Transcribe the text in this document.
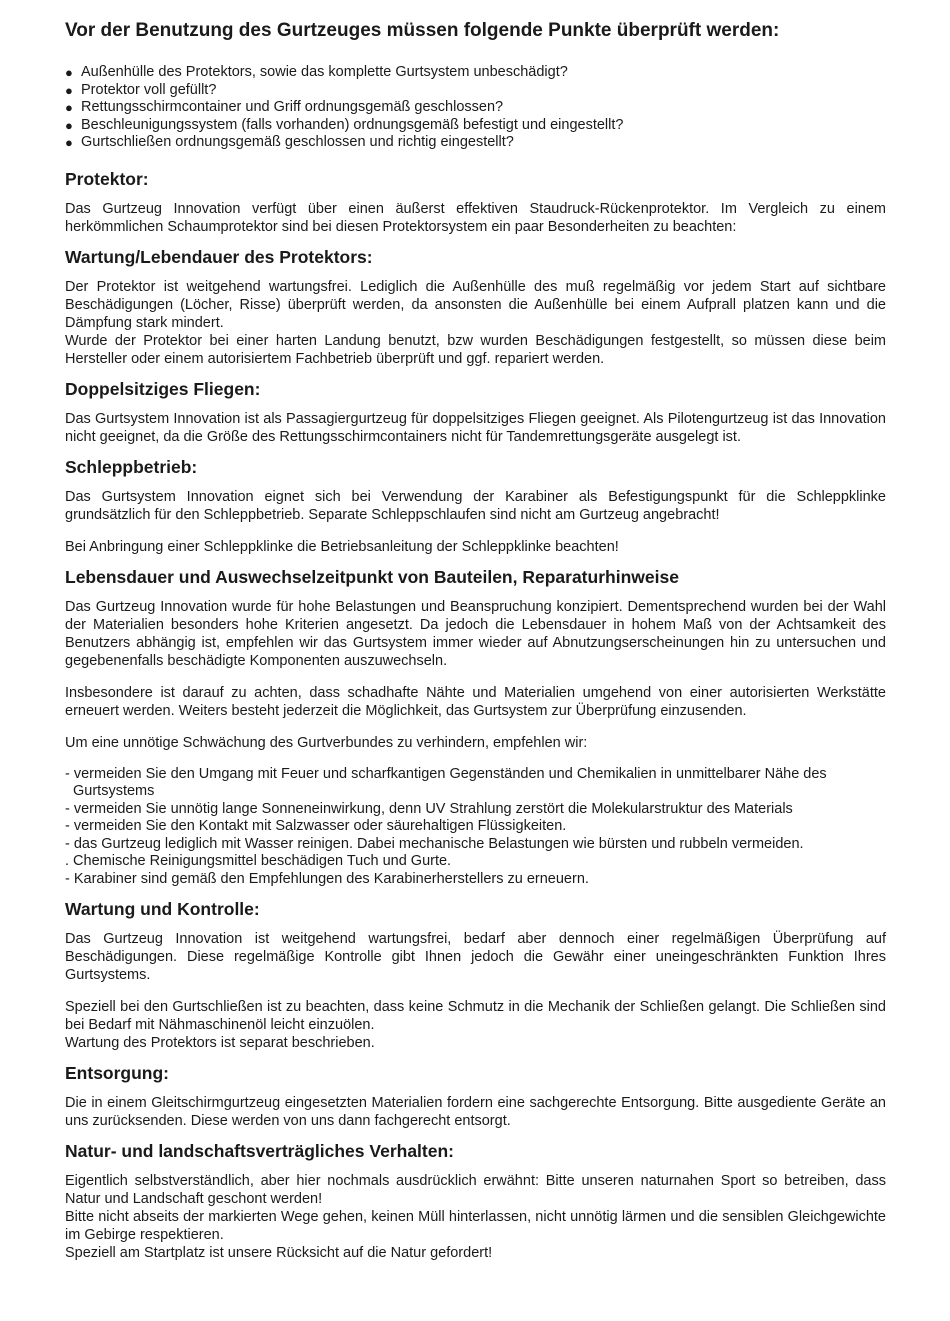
Vor der Benutzung des Gurtzeuges müssen folgende Punkte überprüft werden:
● Außenhülle des Protektors, sowie das komplette Gurtsystem unbeschädigt?
● Protektor voll gefüllt?
● Rettungsschirmcontainer und Griff ordnungsgemäß geschlossen?
● Beschleunigungssystem (falls vorhanden) ordnungsgemäß befestigt und eingestellt?
● Gurtschließen ordnungsgemäß geschlossen und richtig eingestellt?
Protektor:

Das Gurtzeug Innovation verfügt über einen äußerst effektiven Staudruck-Rückenprotektor. Im Vergleich zu einem herkömmlichen Schaumprotektor sind bei diesen Protektorsystem ein paar Besonderheiten zu beachten:

Wartung/Lebendauer des Protektors:

Der Protektor ist weitgehend wartungsfrei. Lediglich die Außenhülle des muß regelmäßig vor jedem Start auf sichtbare Beschädigungen (Löcher, Risse) überprüft werden, da ansonsten die Außenhülle bei einem Aufprall platzen kann und die Dämpfung stark mindert.

Wurde der Protektor bei einer harten Landung benutzt, bzw wurden Beschädigungen festgestellt, so müssen diese beim Hersteller oder einem autorisiertem Fachbetrieb überprüft und ggf. repariert werden.

Doppelsitziges Fliegen:

Das Gurtsystem Innovation ist als Passagiergurtzeug für doppelsitziges Fliegen geeignet. Als Pilotengurtzeug ist das Innovation nicht geeignet, da die Größe des Rettungsschirmcontainers nicht für Tandemrettungsgeräte ausgelegt ist.

Schleppbetrieb:

Das Gurtsystem Innovation eignet sich bei Verwendung der Karabiner als Befestigungspunkt für die Schleppklinke grundsätzlich für den Schleppbetrieb. Separate Schleppschlaufen sind nicht am Gurtzeug angebracht!

Bei Anbringung einer Schleppklinke die Betriebsanleitung der Schleppklinke beachten!

Lebensdauer und Auswechselzeitpunkt von Bauteilen, Reparaturhinweise

Das Gurtzeug Innovation wurde für hohe Belastungen und Beanspruchung konzipiert. Dementsprechend wurden bei der Wahl der Materialien besonders hohe Kriterien angesetzt. Da jedoch die Lebensdauer in hohem Maß von der Achtsamkeit des Benutzers abhängig ist, empfehlen wir das Gurtsystem immer wieder auf Abnutzungserscheinungen hin zu untersuchen und gegebenenfalls beschädigte Komponenten auszuwechseln.

Insbesondere ist darauf zu achten, dass schadhafte Nähte und Materialien umgehend von einer autorisierten Werkstätte erneuert werden. Weiters besteht jederzeit die Möglichkeit, das Gurtsystem zur Überprüfung einzusenden.

Um eine unnötige Schwächung des Gurtverbundes zu verhindern, empfehlen wir:

- vermeiden Sie den Umgang mit Feuer und scharfkantigen Gegenständen und Chemikalien in unmittelbarer Nähe des Gurtsystems
- vermeiden Sie unnötig lange Sonneneinwirkung, denn UV Strahlung zerstört die Molekularstruktur des Materials
- vermeiden Sie den Kontakt mit Salzwasser oder säurehaltigen Flüssigkeiten.
- das Gurtzeug lediglich mit Wasser reinigen. Dabei mechanische Belastungen wie bürsten und rubbeln vermeiden.
. Chemische Reinigungsmittel beschädigen Tuch und Gurte.
- Karabiner sind gemäß den Empfehlungen des Karabinerherstellers zu erneuern.
Wartung und Kontrolle:

Das Gurtzeug Innovation ist weitgehend wartungsfrei, bedarf aber dennoch einer regelmäßigen Überprüfung auf Beschädigungen. Diese regelmäßige Kontrolle gibt Ihnen jedoch die Gewähr einer uneingeschränkten Funktion Ihres Gurtsystems.

Speziell bei den Gurtschließen ist zu beachten, dass keine Schmutz in die Mechanik der Schließen gelangt. Die Schließen sind bei Bedarf mit Nähmaschinenöl leicht einzuölen.

Wartung des Protektors ist separat beschrieben.

Entsorgung:

Die in einem Gleitschirmgurtzeug eingesetzten Materialien fordern eine sachgerechte Entsorgung. Bitte ausgediente Geräte an uns zurücksenden. Diese werden von uns dann fachgerecht entsorgt.

Natur- und landschaftsverträgliches Verhalten:

Eigentlich selbstverständlich, aber hier nochmals ausdrücklich erwähnt: Bitte unseren naturnahen Sport so betreiben, dass Natur und Landschaft geschont werden!

Bitte nicht abseits der markierten Wege gehen, keinen Müll hinterlassen, nicht unnötig lärmen und die sensiblen Gleichgewichte im Gebirge respektieren.

Speziell am Startplatz ist unsere Rücksicht auf die Natur gefordert!
